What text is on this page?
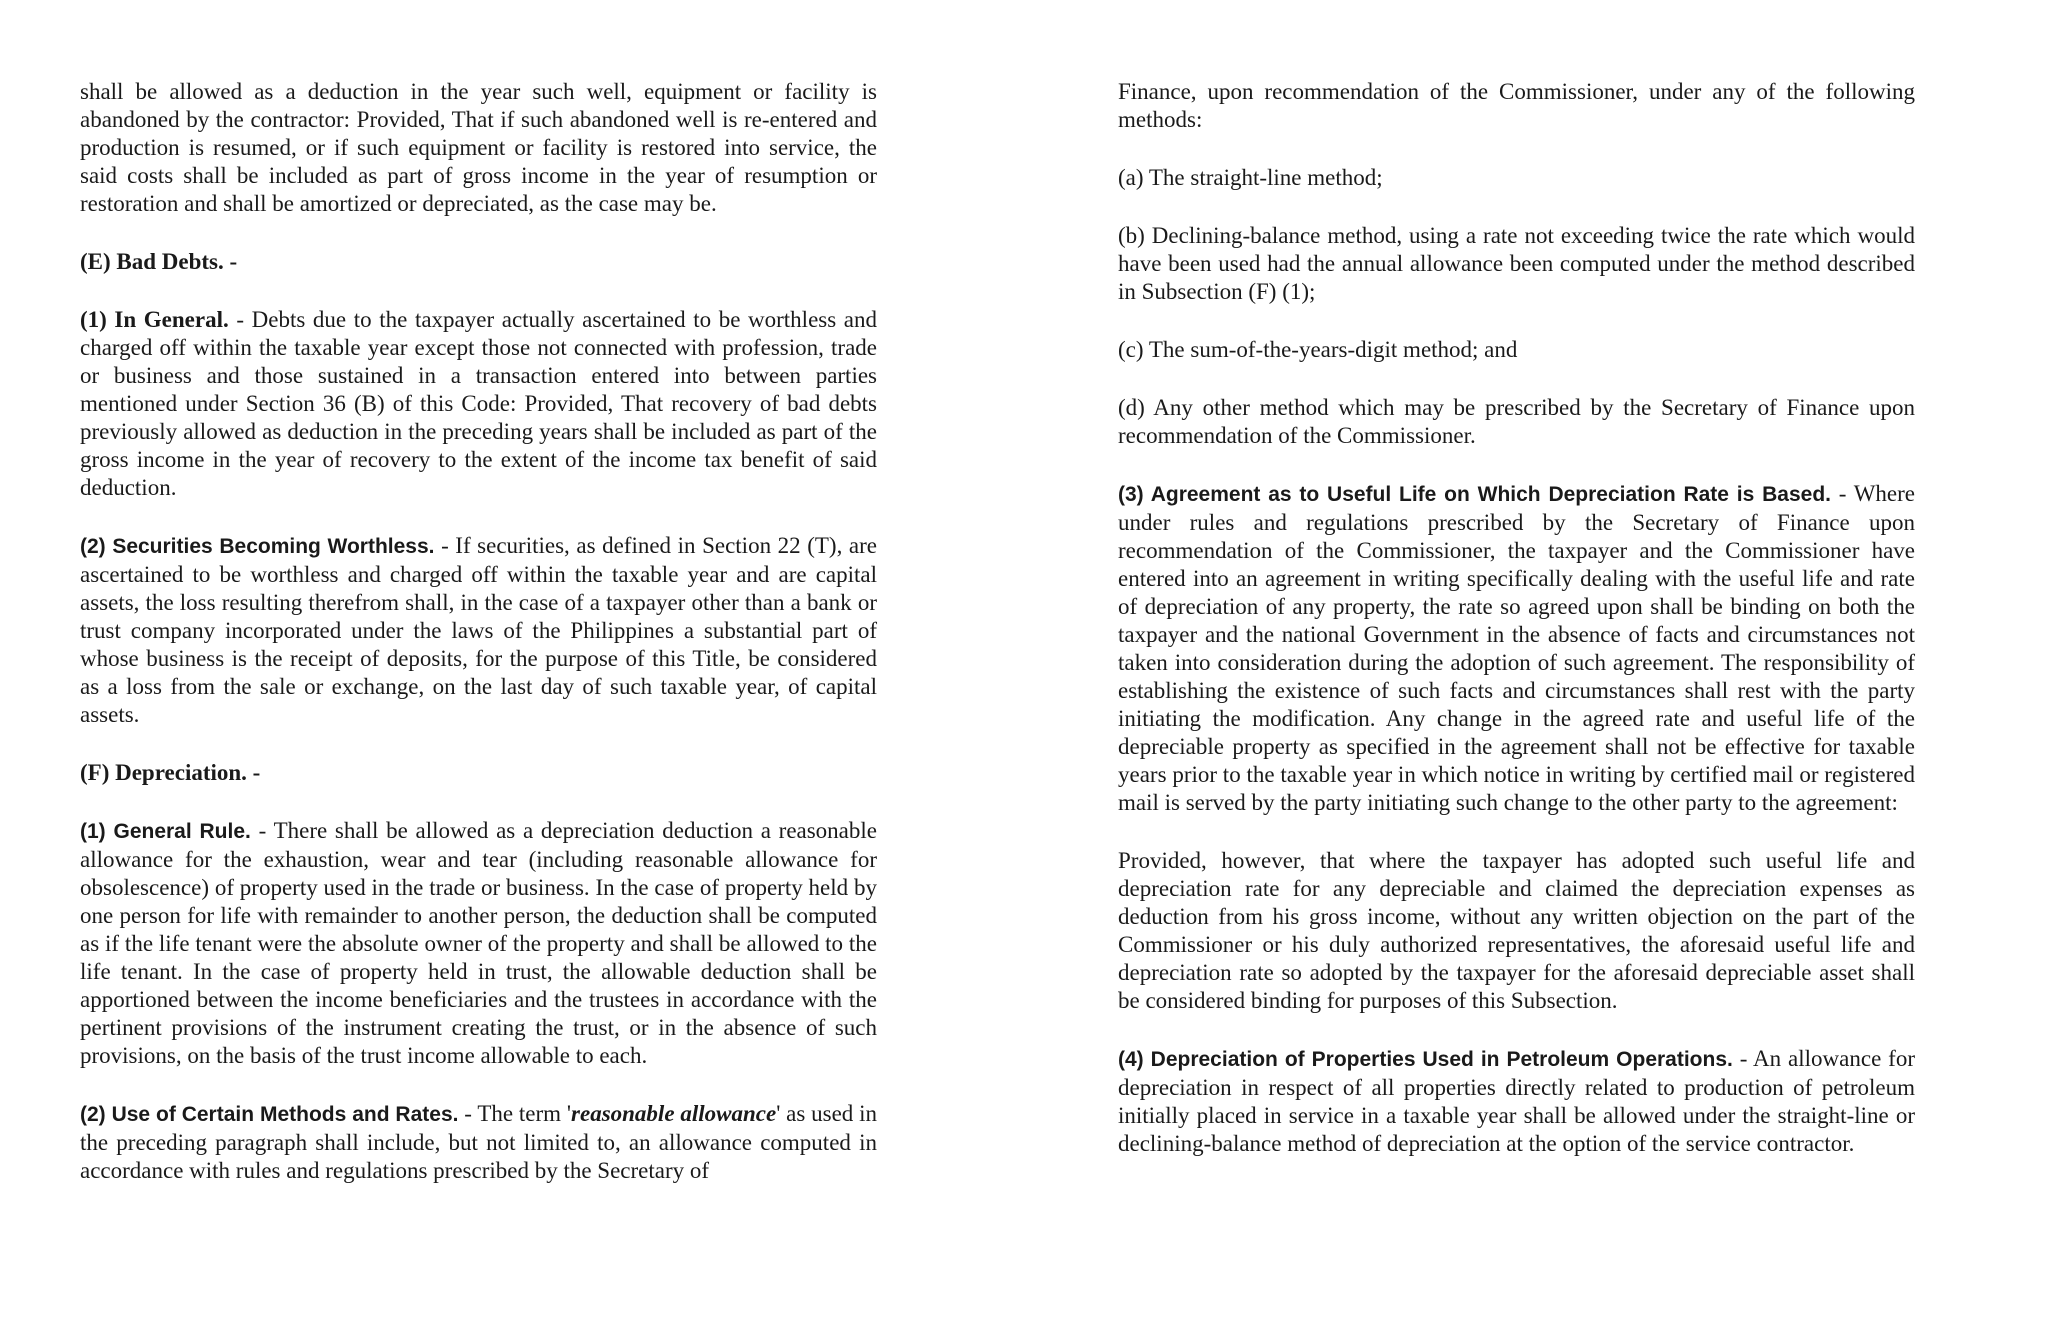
shall be allowed as a deduction in the year such well, equipment or facility is abandoned by the contractor: Provided, That if such abandoned well is re-entered and production is resumed, or if such equipment or facility is restored into service, the said costs shall be included as part of gross income in the year of resumption or restoration and shall be amortized or depreciated, as the case may be.

(E) Bad Debts. -

(1) In General. - Debts due to the taxpayer actually ascertained to be worthless and charged off within the taxable year except those not connected with profession, trade or business and those sustained in a transaction entered into between parties mentioned under Section 36 (B) of this Code: Provided, That recovery of bad debts previously allowed as deduction in the preceding years shall be included as part of the gross income in the year of recovery to the extent of the income tax benefit of said deduction.

(2) Securities Becoming Worthless. - If securities, as defined in Section 22 (T), are ascertained to be worthless and charged off within the taxable year and are capital assets, the loss resulting therefrom shall, in the case of a taxpayer other than a bank or trust company incorporated under the laws of the Philippines a substantial part of whose business is the receipt of deposits, for the purpose of this Title, be considered as a loss from the sale or exchange, on the last day of such taxable year, of capital assets.

(F) Depreciation. -

(1) General Rule. - There shall be allowed as a depreciation deduction a reasonable allowance for the exhaustion, wear and tear (including reasonable allowance for obsolescence) of property used in the trade or business. In the case of property held by one person for life with remainder to another person, the deduction shall be computed as if the life tenant were the absolute owner of the property and shall be allowed to the life tenant. In the case of property held in trust, the allowable deduction shall be apportioned between the income beneficiaries and the trustees in accordance with the pertinent provisions of the instrument creating the trust, or in the absence of such provisions, on the basis of the trust income allowable to each.

(2) Use of Certain Methods and Rates. - The term 'reasonable allowance' as used in the preceding paragraph shall include, but not limited to, an allowance computed in accordance with rules and regulations prescribed by the Secretary of

Finance, upon recommendation of the Commissioner, under any of the following methods:

(a) The straight-line method;

(b) Declining-balance method, using a rate not exceeding twice the rate which would have been used had the annual allowance been computed under the method described in Subsection (F) (1);

(c) The sum-of-the-years-digit method; and

(d) Any other method which may be prescribed by the Secretary of Finance upon recommendation of the Commissioner.

(3) Agreement as to Useful Life on Which Depreciation Rate is Based. - Where under rules and regulations prescribed by the Secretary of Finance upon recommendation of the Commissioner, the taxpayer and the Commissioner have entered into an agreement in writing specifically dealing with the useful life and rate of depreciation of any property, the rate so agreed upon shall be binding on both the taxpayer and the national Government in the absence of facts and circumstances not taken into consideration during the adoption of such agreement. The responsibility of establishing the existence of such facts and circumstances shall rest with the party initiating the modification. Any change in the agreed rate and useful life of the depreciable property as specified in the agreement shall not be effective for taxable years prior to the taxable year in which notice in writing by certified mail or registered mail is served by the party initiating such change to the other party to the agreement:

Provided, however, that where the taxpayer has adopted such useful life and depreciation rate for any depreciable and claimed the depreciation expenses as deduction from his gross income, without any written objection on the part of the Commissioner or his duly authorized representatives, the aforesaid useful life and depreciation rate so adopted by the taxpayer for the aforesaid depreciable asset shall be considered binding for purposes of this Subsection.

(4) Depreciation of Properties Used in Petroleum Operations. - An allowance for depreciation in respect of all properties directly related to production of petroleum initially placed in service in a taxable year shall be allowed under the straight-line or declining-balance method of depreciation at the option of the service contractor.
